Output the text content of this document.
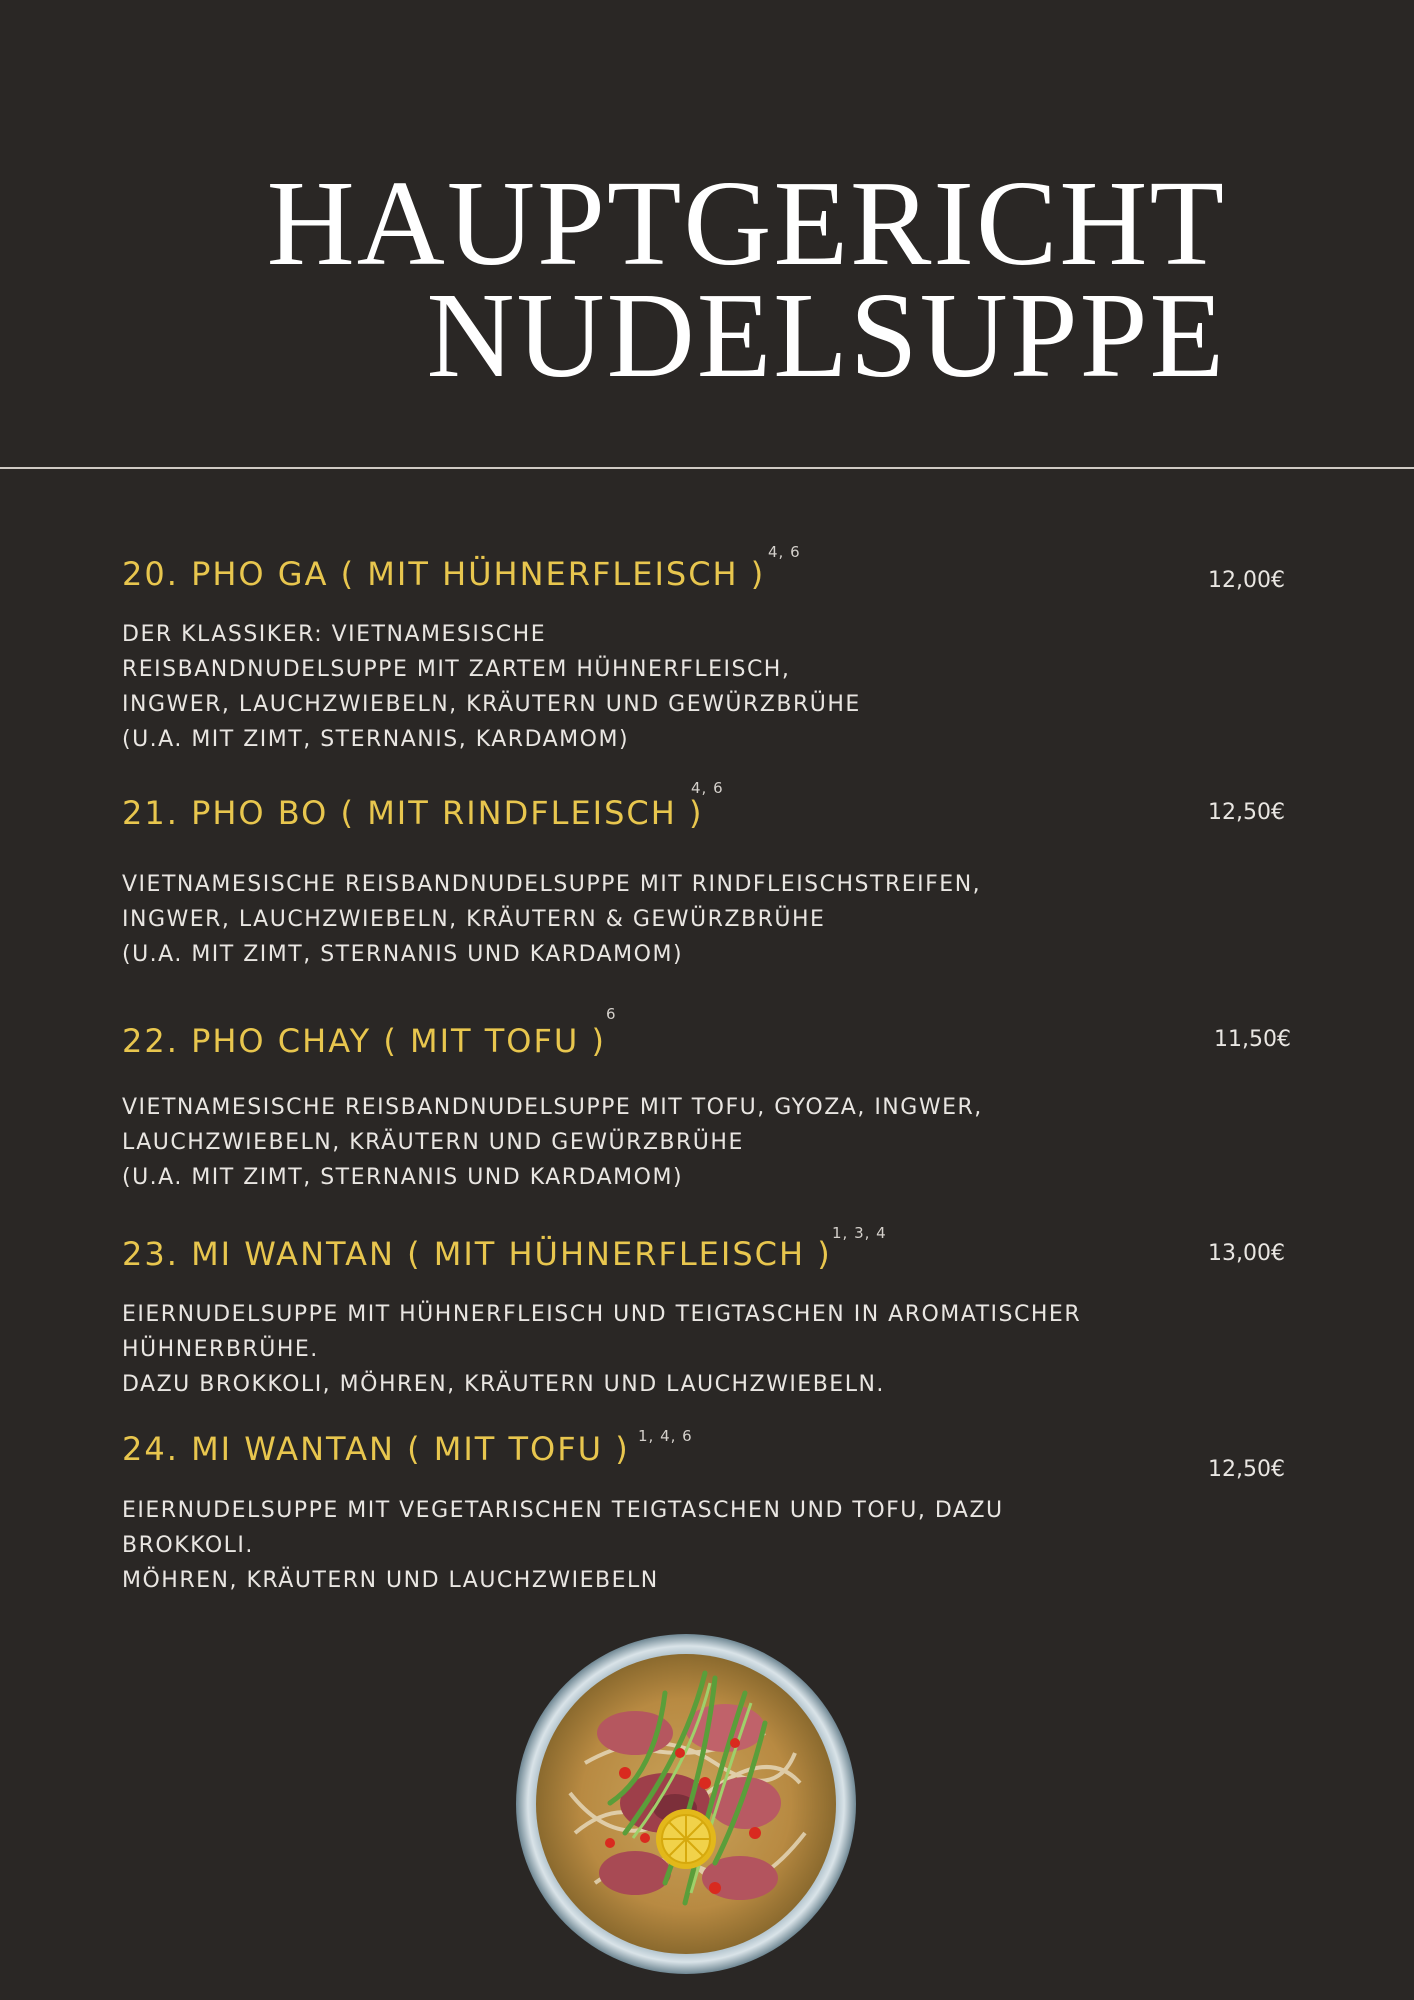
HAUPTGERICHT
NUDELSUPPE
20. PHO GA ( MIT HÜHNERFLEISCH )
4, 6
12,00€
DER KLASSIKER: VIETNAMESISCHE
REISBANDNUDELSUPPE MIT ZARTEM HÜHNERFLEISCH,
INGWER, LAUCHZWIEBELN, KRÄUTERN UND GEWÜRZBRÜHE
(U.A. MIT ZIMT, STERNANIS, KARDAMOM)
21. PHO BO ( MIT RINDFLEISCH )
4, 6
12,50€
VIETNAMESISCHE REISBANDNUDELSUPPE MIT RINDFLEISCHSTREIFEN,
INGWER, LAUCHZWIEBELN, KRÄUTERN & GEWÜRZBRÜHE
(U.A. MIT ZIMT, STERNANIS UND KARDAMOM)
22. PHO CHAY ( MIT TOFU )
6
11,50€
VIETNAMESISCHE REISBANDNUDELSUPPE MIT TOFU, GYOZA, INGWER,
LAUCHZWIEBELN, KRÄUTERN UND GEWÜRZBRÜHE
(U.A. MIT ZIMT, STERNANIS UND KARDAMOM)
23. MI WANTAN ( MIT HÜHNERFLEISCH )
1, 3, 4
13,00€
EIERNUDELSUPPE MIT HÜHNERFLEISCH UND TEIGTASCHEN IN AROMATISCHER
HÜHNERBRÜHE.
DAZU BROKKOLI, MÖHREN, KRÄUTERN UND LAUCHZWIEBELN.
24. MI WANTAN ( MIT TOFU ) 1, 4, 6
12,50€
EIERNUDELSUPPE MIT VEGETARISCHEN TEIGTASCHEN UND TOFU, DAZU
BROKKOLI.
MÖHREN, KRÄUTERN UND LAUCHZWIEBELN
